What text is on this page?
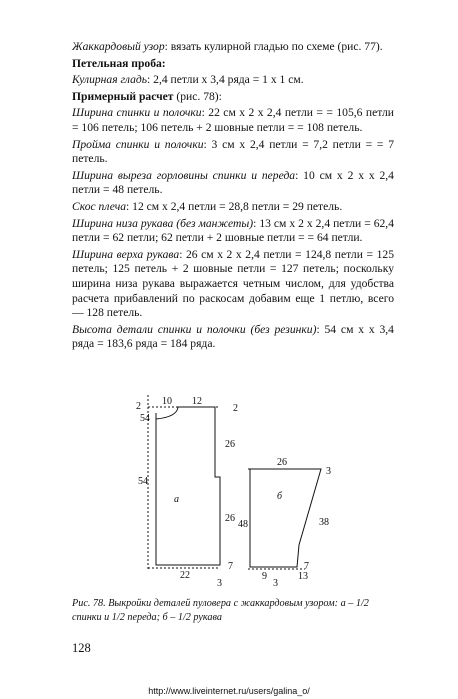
Жаккардовый узор: вязать кулирной гладью по схеме (рис. 77).

Петельная проба:

Кулирная гладь: 2,4 петли х 3,4 ряда = 1 х 1 см.

Примерный расчет (рис. 78):

Ширина спинки и полочки: 22 см х 2 х 2,4 петли = = 105,6 петли = 106 петель; 106 петель + 2 шовные петли = = 108 петель.

Пройма спинки и полочки: 3 см х 2,4 петли = 7,2 петли = = 7 петель.

Ширина выреза горловины спинки и переда: 10 см х 2 х х 2,4 петли = 48 петель.

Скос плеча: 12 см х 2,4 петли = 28,8 петли = 29 петель.

Ширина низа рукава (без манжеты): 13 см х 2 х 2,4 петли = 62,4 петли = 62 петли; 62 петли + 2 шовные петли = = 64 петли.

Ширина верха рукава: 26 см х 2 х 2,4 петли = 124,8 петли = 125 петель; 125 петель + 2 шовные петли = 127 петель; поскольку ширина низа рукава выражается четным числом, для удобства расчета прибавлений по раскосам добавим еще 1 петлю, всего — 128 петель.

Высота детали спинки и полочки (без резинки): 54 см х х 3,4 ряда = 183,6 ряда = 184 ряда.

10 12
2	2
54
26
54
а
26
7
22
3
26
3
б
38
48
7
9	13
3
Рис. 78. Выкройки деталей пуловера с жаккардовым узором: а – 1/2 спинки и 1/2 переда; б – 1/2 рукава
128
http://www.liveinternet.ru/users/galina_o/
